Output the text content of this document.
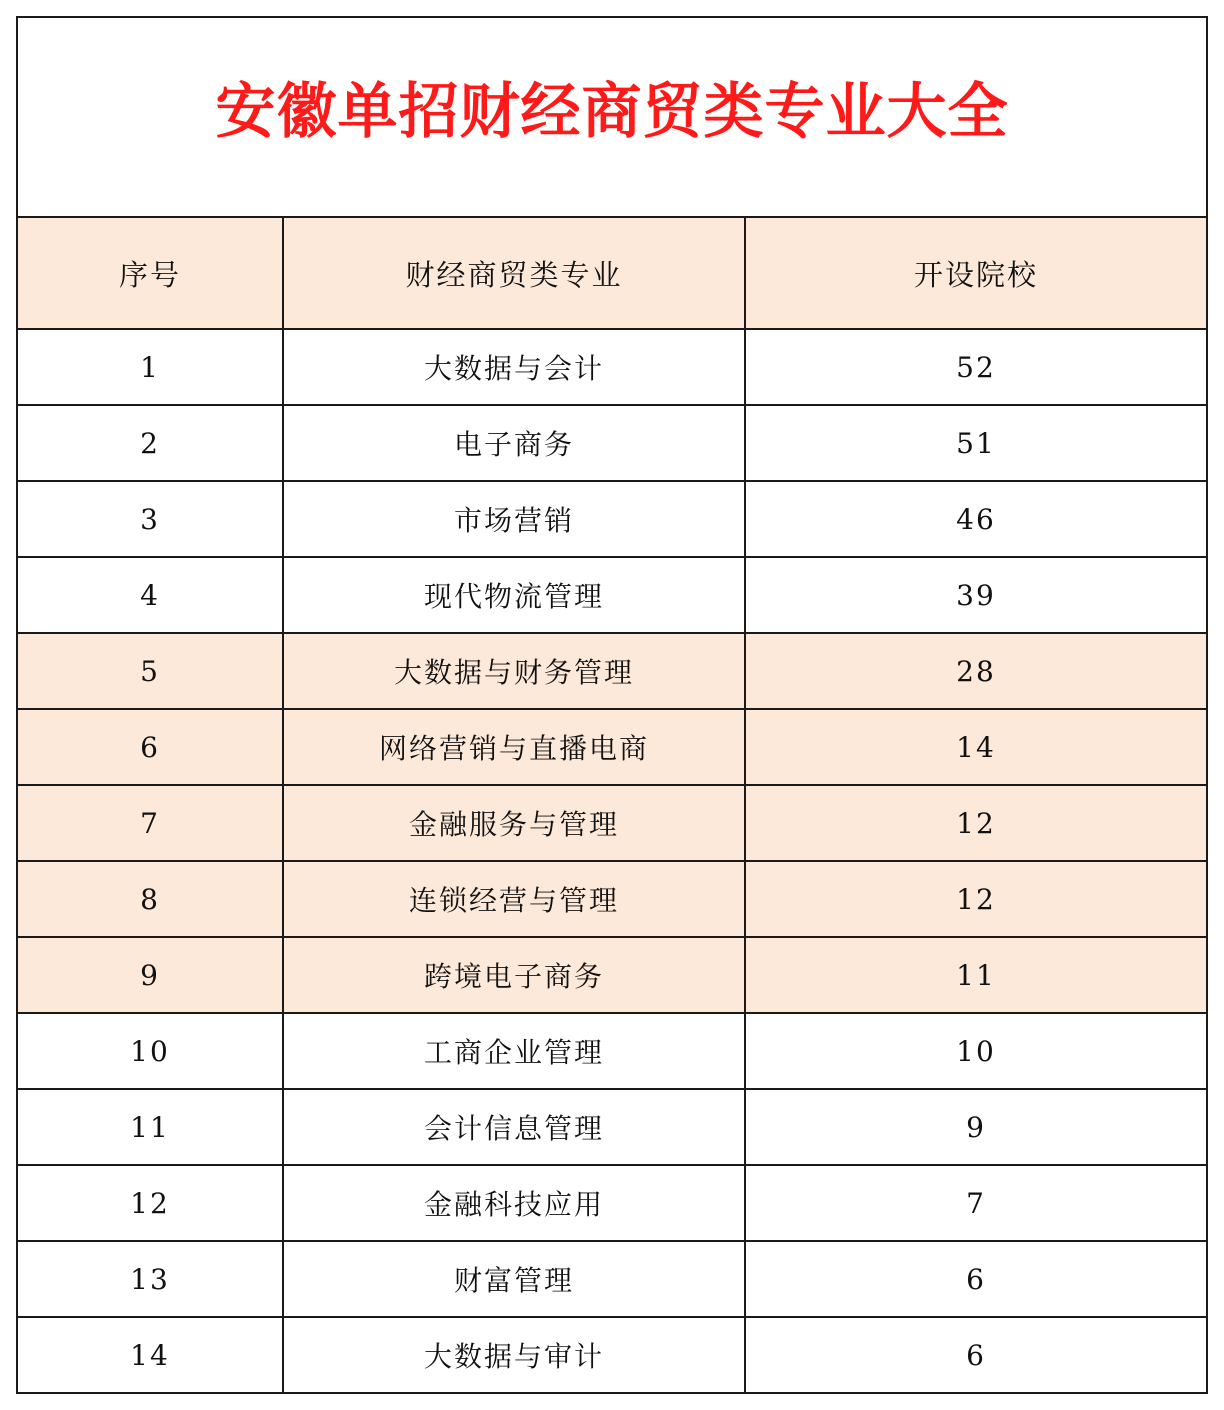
安徽单招财经商贸类专业大全		
序号	财经商贸类专业	开设院校
1	大数据与会计	52
2	电子商务	51
3	市场营销	46
4	现代物流管理	39
5	大数据与财务管理	28
6	网络营销与直播电商	14
7	金融服务与管理	12
8	连锁经营与管理	12
9	跨境电子商务	11
10	工商企业管理	10
11	会计信息管理	9
12	金融科技应用	7
13	财富管理	6
14	大数据与审计	6
